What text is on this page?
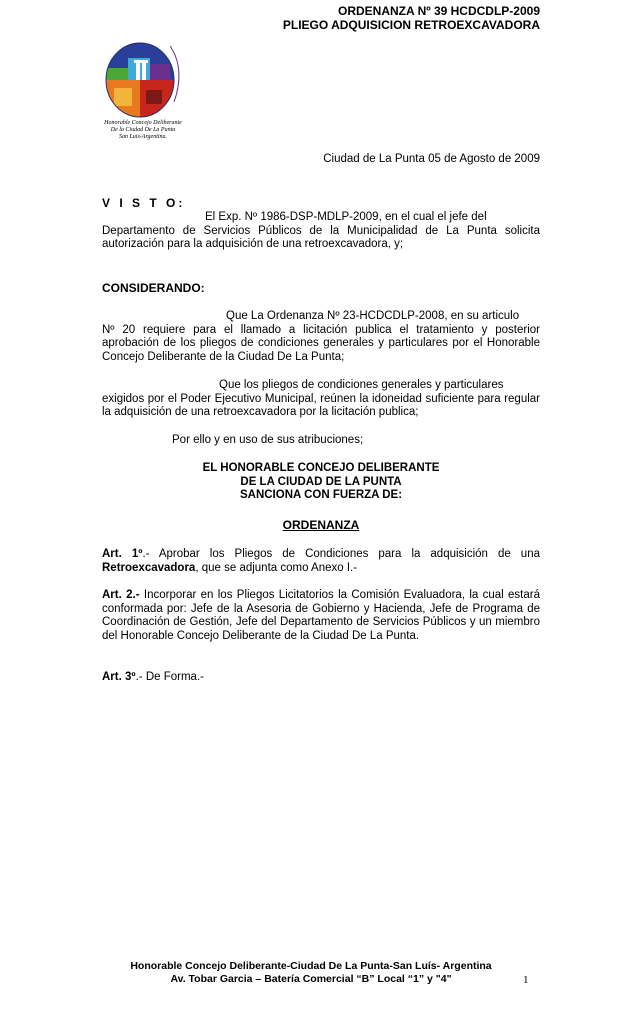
ORDENANZA Nº 39 HCDCDLP-2009
PLIEGO ADQUISICION RETROEXCAVADORA
Honorable Concejo Deliberante
De la Ciudad De La Punta
San Luis-Argentina.
Ciudad de La Punta 05 de Agosto de 2009
V I S T O:
El Exp. Nº 1986-DSP-MDLP-2009, en el cual el jefe del
Departamento de Servicios Públicos de la Municipalidad de La Punta solicita autorización para la adquisición de una retroexcavadora, y;
CONSIDERANDO:
Que La Ordenanza Nº 23-HCDCDLP-2008, en su articulo
Nº 20 requiere para el llamado a licitación publica el tratamiento y posterior aprobación de los pliegos de condiciones generales y particulares por el Honorable Concejo Deliberante de la Ciudad De La Punta;
Que los pliegos de condiciones generales y particulares
exigidos por el Poder Ejecutivo Municipal, reúnen la idoneidad suficiente para regular la adquisición de una retroexcavadora por la licitación publica;
Por ello y en uso de sus atribuciones;
EL HONORABLE CONCEJO DELIBERANTE
DE LA CIUDAD DE LA PUNTA
SANCIONA CON FUERZA DE:
ORDENANZA
Art. 1º.- Aprobar los Pliegos de Condiciones para la adquisición de una Retroexcavadora, que se adjunta como Anexo I.-
Art. 2.- Incorporar en los Pliegos Licitatorios la Comisión Evaluadora, la cual estará conformada por: Jefe de la Asesoria de Gobierno y Hacienda, Jefe de Programa de Coordinación de Gestión, Jefe del Departamento de Servicios Públicos y un miembro del Honorable Concejo Deliberante de la Ciudad De La Punta.
Art. 3º.- De Forma.-
Honorable Concejo Deliberante-Ciudad De La Punta-San Luís- Argentina
Av. Tobar Garcia – Batería Comercial “B” Local “1” y "4"	1
